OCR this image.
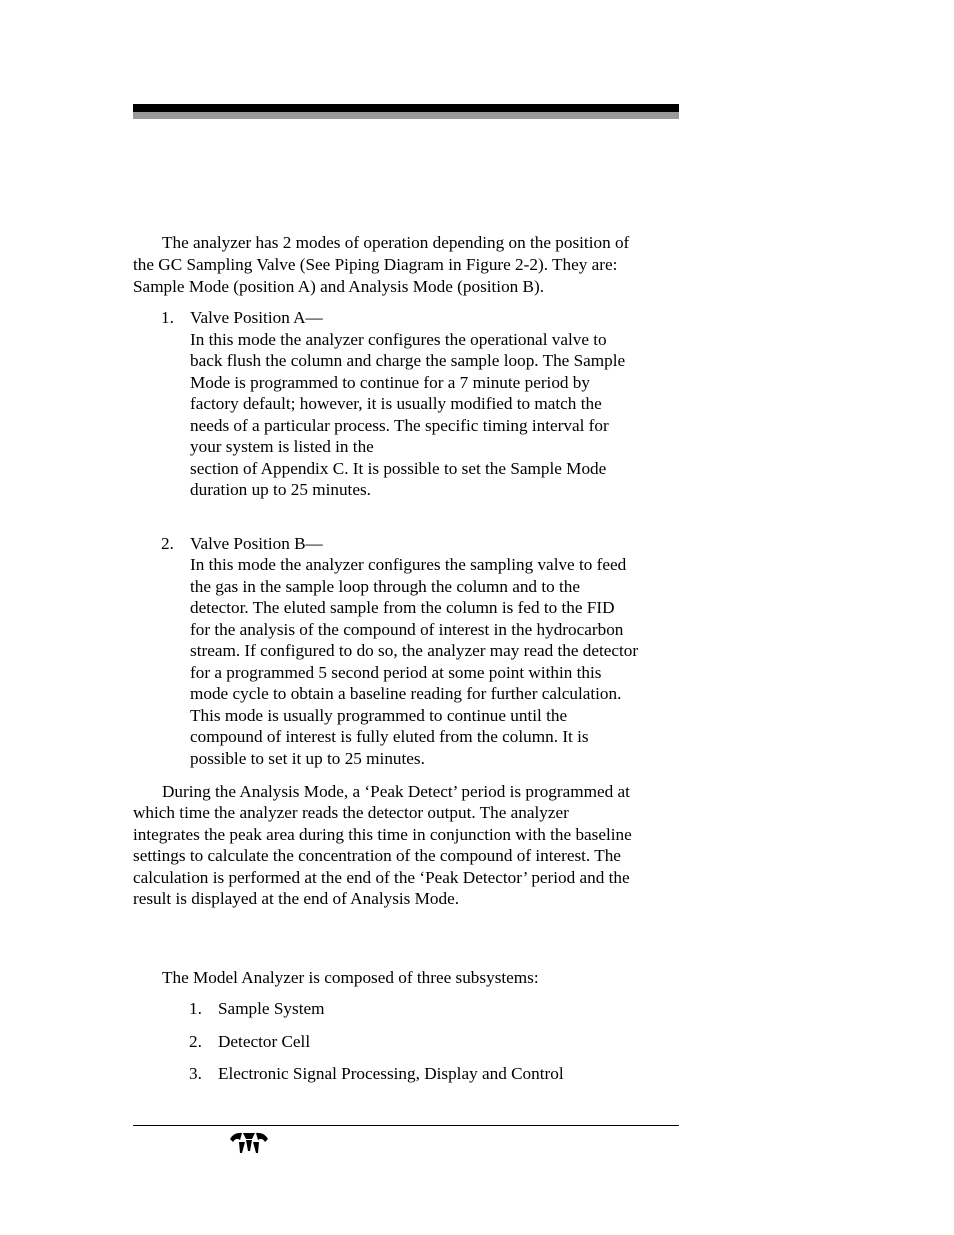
The analyzer has 2 modes of operation depending on the position of
the GC Sampling Valve (See Piping Diagram in Figure 2-2). They are:
Sample Mode (position A) and Analysis Mode (position B).
1. Valve Position A—
In this mode the analyzer configures the operational valve to
back flush the column and charge the sample loop. The Sample
Mode is programmed to continue for a 7 minute period by
factory default; however, it is usually modified to match the
needs of a particular process. The specific timing interval for
your system is listed in the
section of Appendix C. It is possible to set the Sample Mode
duration up to 25 minutes.
2. Valve Position B—
In this mode the analyzer configures the sampling valve to feed
the gas in the sample loop through the column and to the
detector. The eluted sample from the column is fed to the FID
for the analysis of the compound of interest in the hydrocarbon
stream. If configured to do so, the analyzer may read the detector
for a programmed 5 second period at some point within this
mode cycle to obtain a baseline reading for further calculation.
This mode is usually programmed to continue until the
compound of interest is fully eluted from the column. It is
possible to set it up to 25 minutes.
During the Analysis Mode, a ‘Peak Detect’ period is programmed at
which time the analyzer reads the detector output. The analyzer
integrates the peak area during this time in conjunction with the baseline
settings to calculate the concentration of the compound of interest. The
calculation is performed at the end of the ‘Peak Detector’ period and the
result is displayed at the end of Analysis Mode.
The Model Analyzer is composed of three subsystems:
1. Sample System
2. Detector Cell
3. Electronic Signal Processing, Display and Control
